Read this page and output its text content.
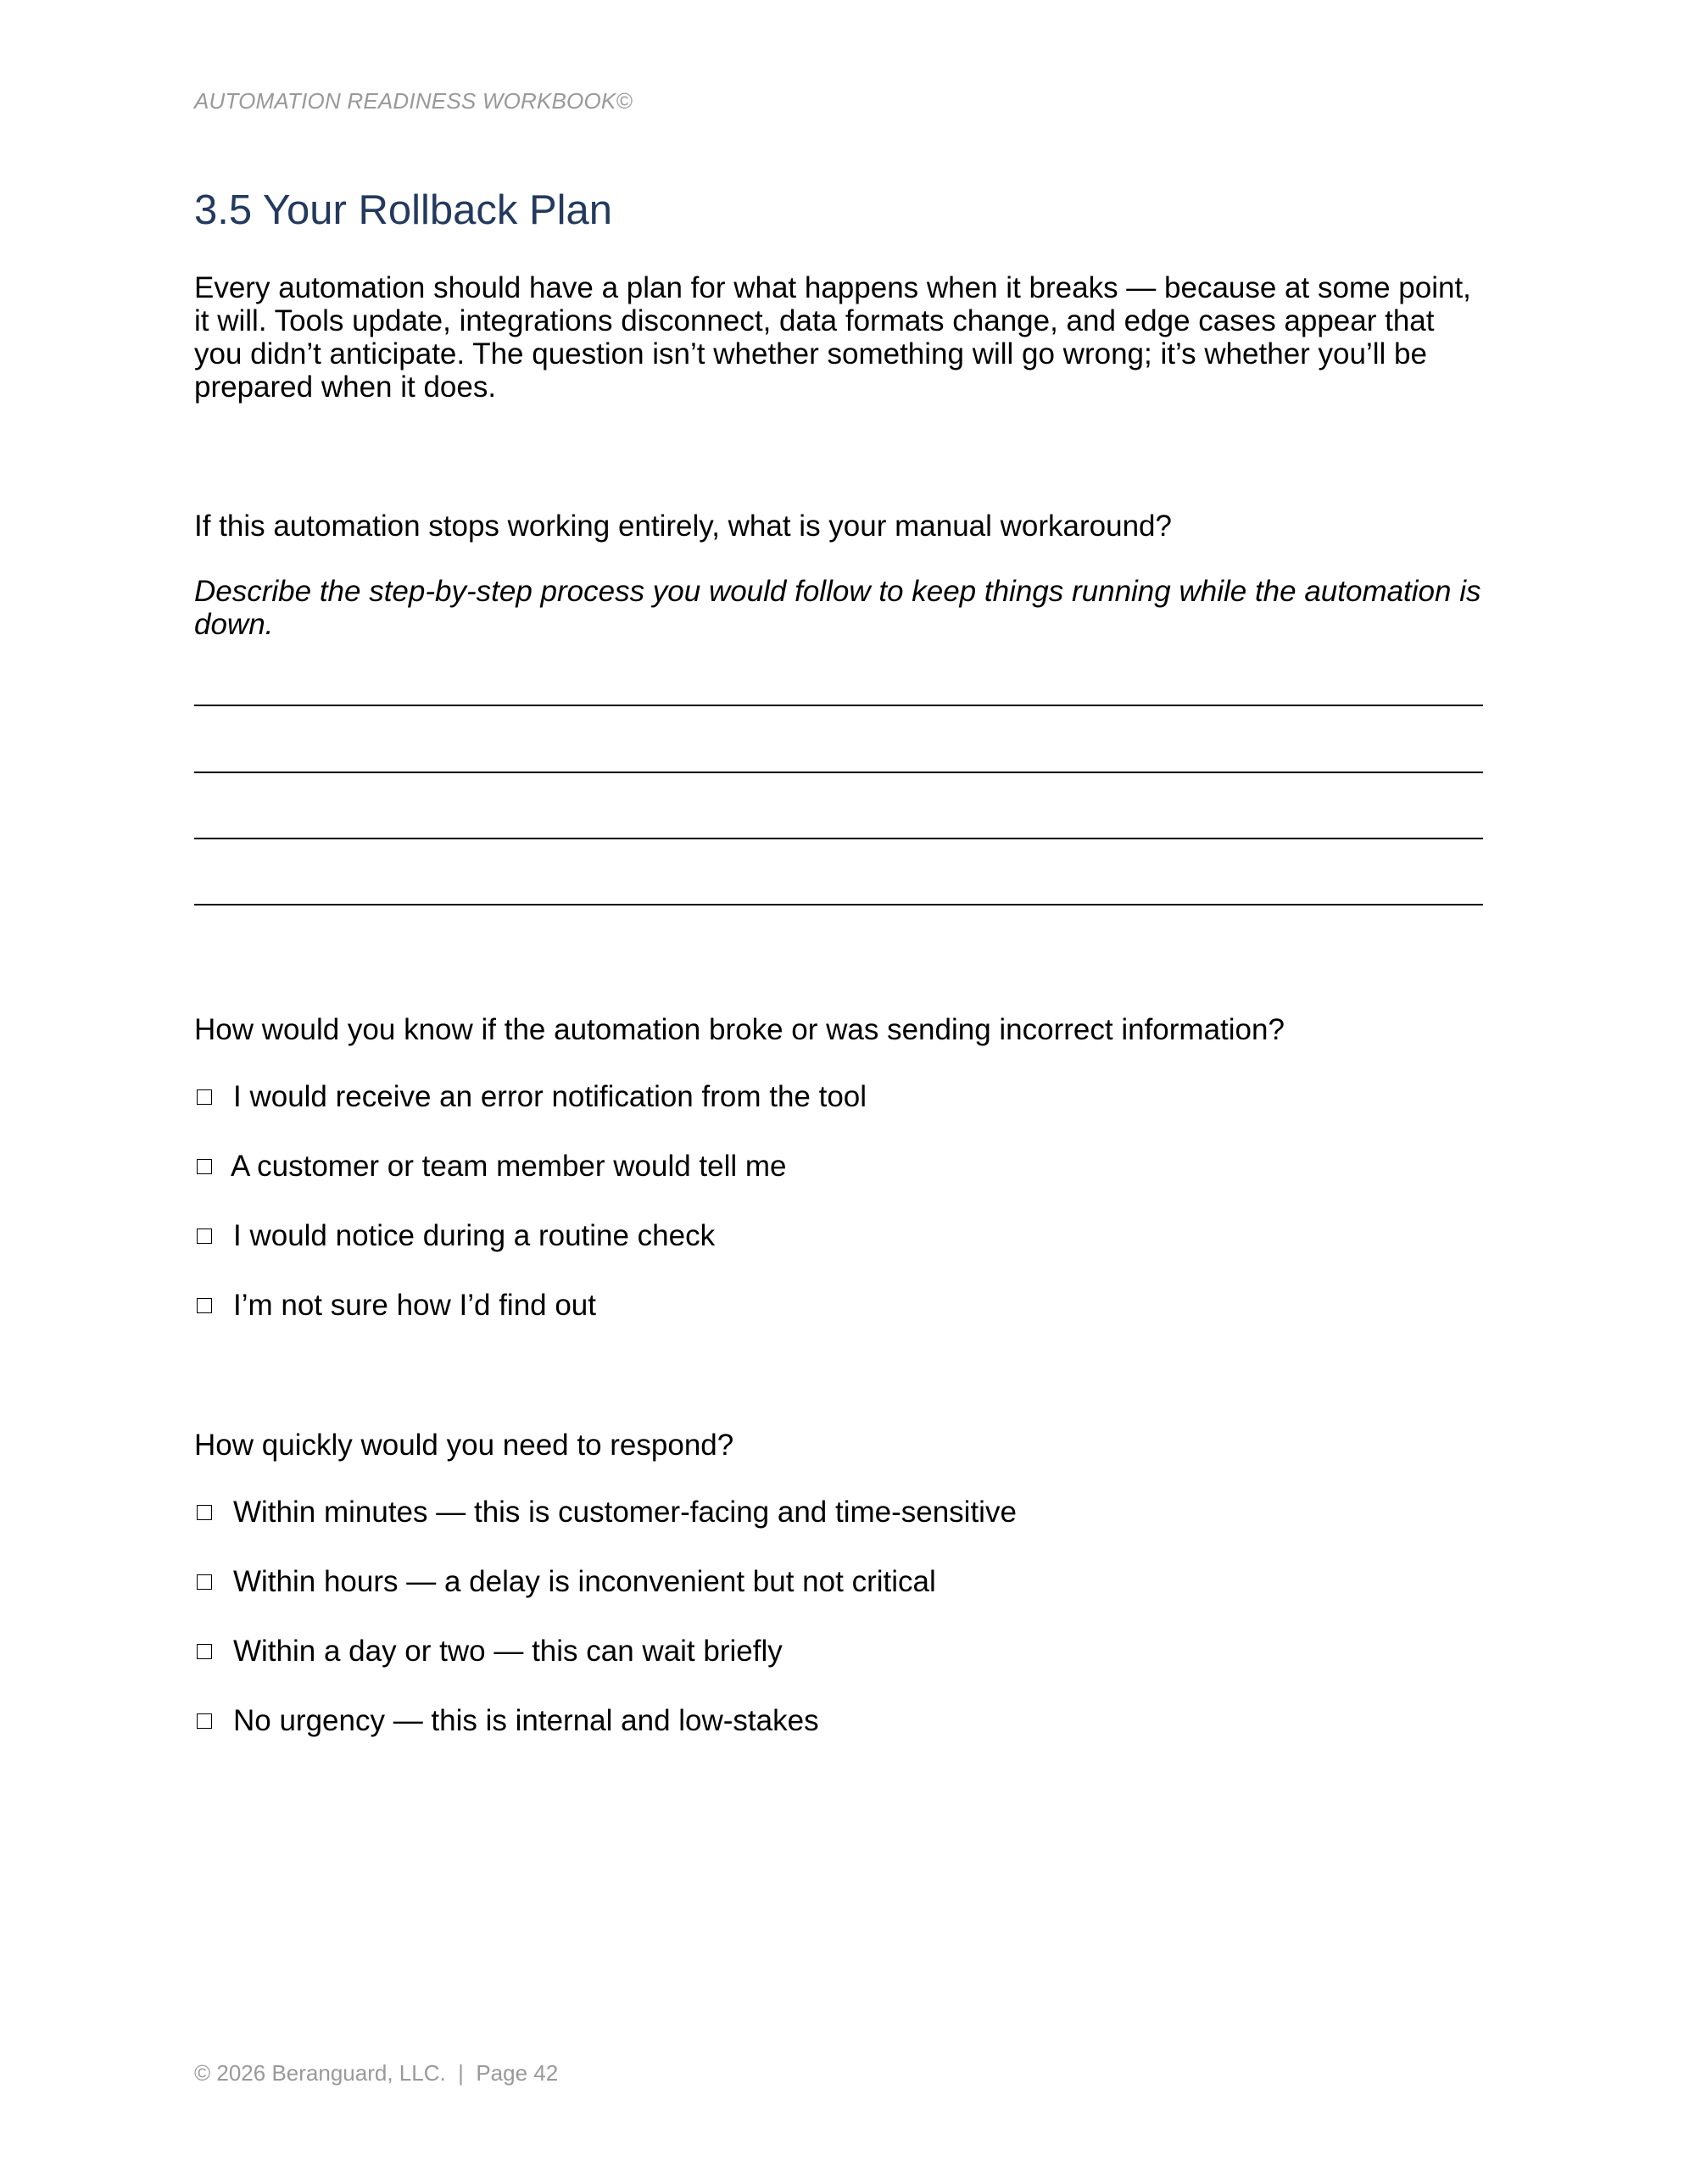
AUTOMATION READINESS WORKBOOK©
3.5 Your Rollback Plan

Every automation should have a plan for what happens when it breaks — because at some point, it will. Tools update, integrations disconnect, data formats change, and edge cases appear that you didn’t anticipate. The question isn’t whether something will go wrong; it’s whether you’ll be prepared when it does.

If this automation stops working entirely, what is your manual workaround?

Describe the step-by-step process you would follow to keep things running while the automation is down.

How would you know if the automation broke or was sending incorrect information?

I would receive an error notification from the tool
A customer or team member would tell me
I would notice during a routine check
I’m not sure how I’d find out

How quickly would you need to respond?

Within minutes — this is customer-facing and time-sensitive
Within hours — a delay is inconvenient but not critical
Within a day or two — this can wait briefly
No urgency — this is internal and low-stakes
© 2026 Beranguard, LLC.  |  Page 42
